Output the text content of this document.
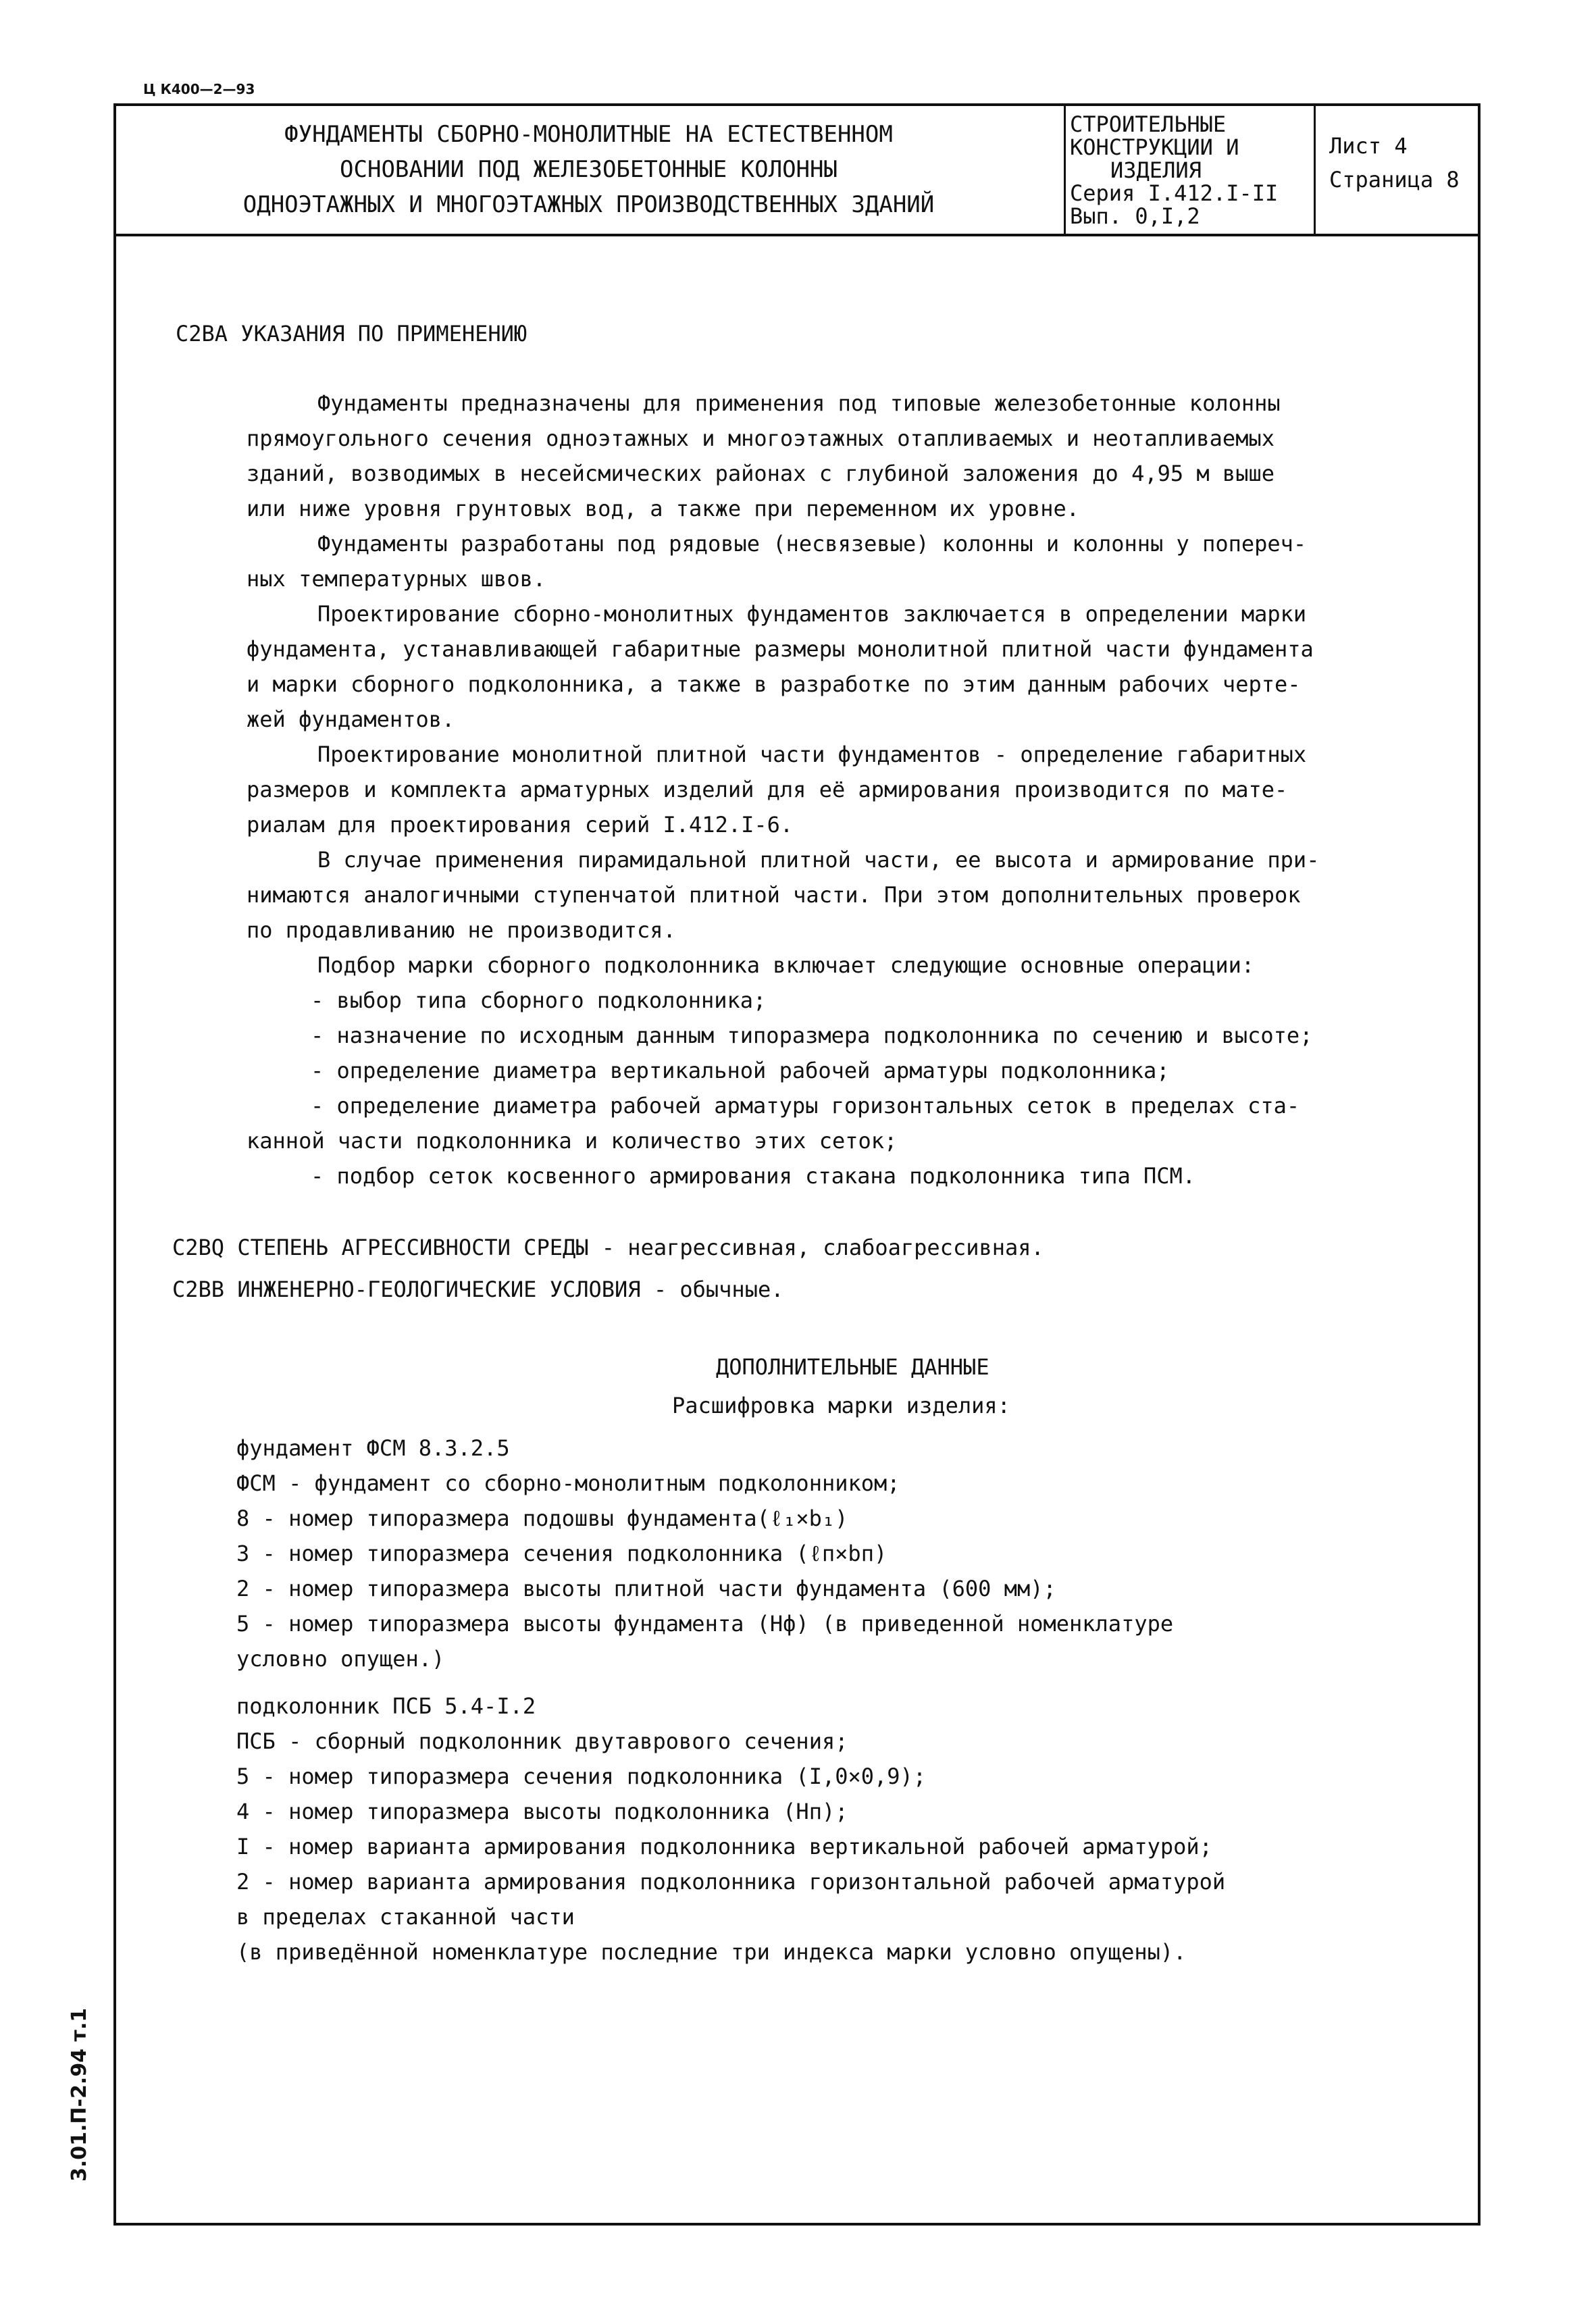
Ц К400—2—93
3.01.П-2.94 т.1
ФУНДАМЕНТЫ СБОРНО-МОНОЛИТНЫЕ НА ЕСТЕСТВЕННОМ
ОСНОВАНИИ ПОД ЖЕЛЕЗОБЕТОННЫЕ КОЛОННЫ
ОДНОЭТАЖНЫХ И МНОГОЭТАЖНЫХ ПРОИЗВОДСТВЕННЫХ ЗДАНИЙ
СТРОИТЕЛЬНЫЕ
КОНСТРУКЦИИ И
ИЗДЕЛИЯ
Серия I.412.I-II
Вып. 0,I,2
Лист 4
Страница 8
С2ВА УКАЗАНИЯ ПО ПРИМЕНЕНИЮ
Фундаменты предназначены для применения под типовые железобетонные колонны
прямоугольного сечения одноэтажных и многоэтажных отапливаемых и неотапливаемых
зданий, возводимых в несейсмических районах с глубиной заложения до 4,95 м выше
или ниже уровня грунтовых вод, а также при переменном их уровне.
Фундаменты разработаны под рядовые (несвязевые) колонны и колонны у попереч-
ных температурных швов.
Проектирование сборно-монолитных фундаментов заключается в определении марки
фундамента, устанавливающей габаритные размеры монолитной плитной части фундамента
и марки сборного подколонника, а также в разработке по этим данным рабочих черте-
жей фундаментов.
Проектирование монолитной плитной части фундаментов - определение габаритных
размеров и комплекта арматурных изделий для её армирования производится по мате-
риалам для проектирования серий I.412.I-6.
В случае применения пирамидальной плитной части, ее высота и армирование при-
нимаются аналогичными ступенчатой плитной части. При этом дополнительных проверок
по продавливанию не производится.
Подбор марки сборного подколонника включает следующие основные операции:
- выбор типа сборного подколонника;
- назначение по исходным данным типоразмера подколонника по сечению и высоте;
- определение диаметра вертикальной рабочей арматуры подколонника;
- определение диаметра рабочей арматуры горизонтальных сеток в пределах ста-
канной части подколонника и количество этих сеток;
- подбор сеток косвенного армирования стакана подколонника типа ПСМ.
С2ВQ СТЕПЕНЬ АГРЕССИВНОСТИ СРЕДЫ - неагрессивная, слабоагрессивная.
С2ВВ ИНЖЕНЕРНО-ГЕОЛОГИЧЕСКИЕ УСЛОВИЯ - обычные.
ДОПОЛНИТЕЛЬНЫЕ ДАННЫЕ
Расшифровка марки изделия:
фундамент ФСМ 8.3.2.5
ФСМ - фундамент со сборно-монолитным подколонником;
8 - номер типоразмера подошвы фундамента(ℓ₁×b₁)
3 - номер типоразмера сечения подколонника (ℓп×bп)
2 - номер типоразмера высоты плитной части фундамента (600 мм);
5 - номер типоразмера высоты фундамента (Нф) (в приведенной номенклатуре
условно опущен.)
подколонник ПСБ 5.4-I.2
ПСБ - сборный подколонник двутаврового сечения;
5 - номер типоразмера сечения подколонника (I,0×0,9);
4 - номер типоразмера высоты подколонника (Нп);
I - номер варианта армирования подколонника вертикальной рабочей арматурой;
2 - номер варианта армирования подколонника горизонтальной рабочей арматурой
в пределах стаканной части
(в приведённой номенклатуре последние три индекса марки условно опущены).
